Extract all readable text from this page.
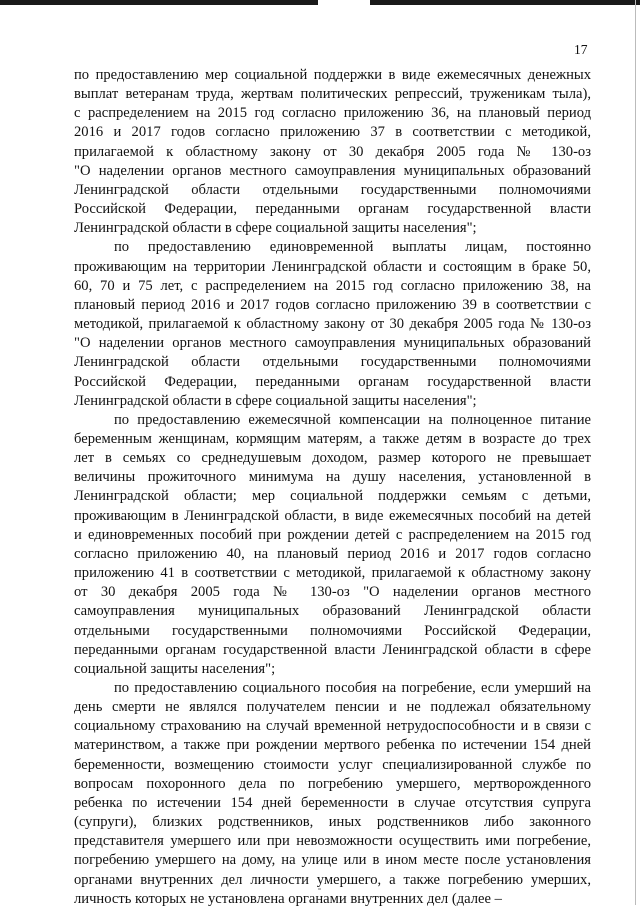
17

по предоставлению мер социальной поддержки в виде ежемесячных денежных
выплат ветеранам труда, жертвам политических репрессий, труженикам тыла),
с распределением на 2015 год согласно приложению 36, на плановый период
2016 и 2017 годов согласно приложению 37 в соответствии с методикой,
прилагаемой к областному закону от 30 декабря 2005 года № 130-оз
"О наделении органов местного самоуправления муниципальных образований
Ленинградской области отдельными государственными полномочиями
Российской Федерации, переданными органам государственной власти
Ленинградской области в сфере социальной защиты населения";

по предоставлению единовременной выплаты лицам, постоянно
проживающим на территории Ленинградской области и состоящим в браке 50,
60, 70 и 75 лет, с распределением на 2015 год согласно приложению 38, на
плановый период 2016 и 2017 годов согласно приложению 39 в соответствии с
методикой, прилагаемой к областному закону от 30 декабря 2005 года № 130-оз
"О наделении органов местного самоуправления муниципальных образований
Ленинградской области отдельными государственными полномочиями
Российской Федерации, переданными органам государственной власти
Ленинградской области в сфере социальной защиты населения";

по предоставлению ежемесячной компенсации на полноценное питание
беременным женщинам, кормящим матерям, а также детям в возрасте до трех
лет в семьях со среднедушевым доходом, размер которого не превышает
величины прожиточного минимума на душу населения, установленной в
Ленинградской области; мер социальной поддержки семьям с детьми,
проживающим в Ленинградской области, в виде ежемесячных пособий на детей
и единовременных пособий при рождении детей с распределением на 2015 год
согласно приложению 40, на плановый период 2016 и 2017 годов согласно
приложению 41 в соответствии с методикой, прилагаемой к областному закону
от 30 декабря 2005 года № 130-оз "О наделении органов местного
самоуправления муниципальных образований Ленинградской области
отдельными государственными полномочиями Российской Федерации,
переданными органам государственной власти Ленинградской области в сфере
социальной защиты населения";

по предоставлению социального пособия на погребение, если умерший на
день смерти не являлся получателем пенсии и не подлежал обязательному
социальному страхованию на случай временной нетрудоспособности и в связи с
материнством, а также при рождении мертвого ребенка по истечении 154 дней
беременности, возмещению стоимости услуг специализированной службе по
вопросам похоронного дела по погребению умершего, мертворожденного
ребенка по истечении 154 дней беременности в случае отсутствия супруга
(супруги), близких родственников, иных родственников либо законного
представителя умершего или при невозможности осуществить ими погребение,
погребению умершего на дому, на улице или в ином месте после установления
органами внутренних дел личности умершего, а также погребению умерших,
личность которых не установлена органами внутренних дел (далее –
